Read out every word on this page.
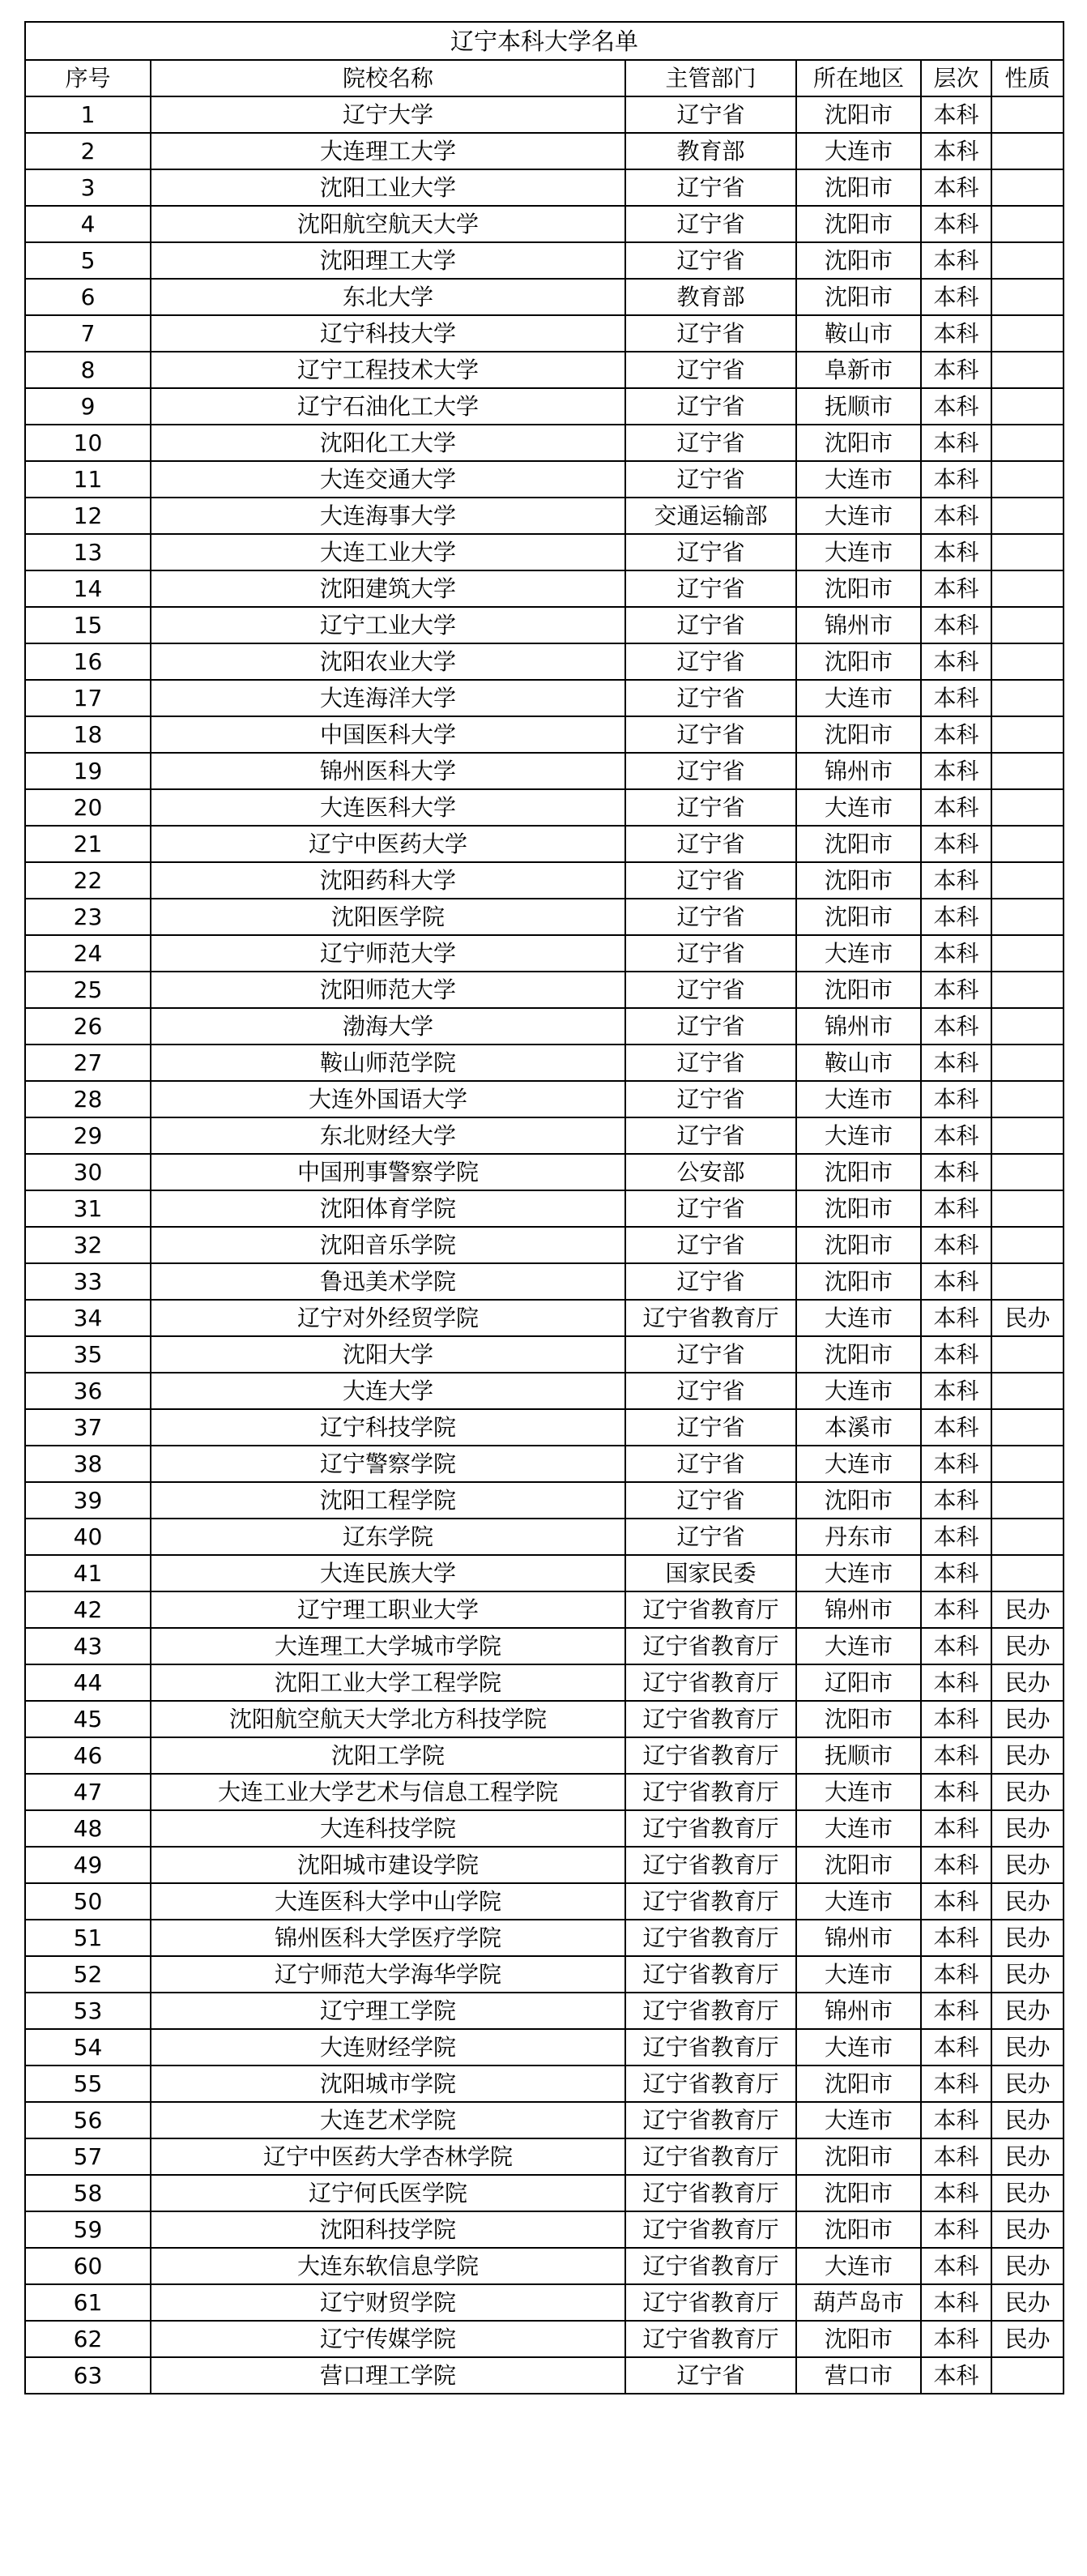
辽宁本科大学名单					
序号	院校名称	主管部门	所在地区	层次	性质
1	辽宁大学	辽宁省	沈阳市	本科	
2	大连理工大学	教育部	大连市	本科	
3	沈阳工业大学	辽宁省	沈阳市	本科	
4	沈阳航空航天大学	辽宁省	沈阳市	本科	
5	沈阳理工大学	辽宁省	沈阳市	本科	
6	东北大学	教育部	沈阳市	本科	
7	辽宁科技大学	辽宁省	鞍山市	本科	
8	辽宁工程技术大学	辽宁省	阜新市	本科	
9	辽宁石油化工大学	辽宁省	抚顺市	本科	
10	沈阳化工大学	辽宁省	沈阳市	本科	
11	大连交通大学	辽宁省	大连市	本科	
12	大连海事大学	交通运输部	大连市	本科	
13	大连工业大学	辽宁省	大连市	本科	
14	沈阳建筑大学	辽宁省	沈阳市	本科	
15	辽宁工业大学	辽宁省	锦州市	本科	
16	沈阳农业大学	辽宁省	沈阳市	本科	
17	大连海洋大学	辽宁省	大连市	本科	
18	中国医科大学	辽宁省	沈阳市	本科	
19	锦州医科大学	辽宁省	锦州市	本科	
20	大连医科大学	辽宁省	大连市	本科	
21	辽宁中医药大学	辽宁省	沈阳市	本科	
22	沈阳药科大学	辽宁省	沈阳市	本科	
23	沈阳医学院	辽宁省	沈阳市	本科	
24	辽宁师范大学	辽宁省	大连市	本科	
25	沈阳师范大学	辽宁省	沈阳市	本科	
26	渤海大学	辽宁省	锦州市	本科	
27	鞍山师范学院	辽宁省	鞍山市	本科	
28	大连外国语大学	辽宁省	大连市	本科	
29	东北财经大学	辽宁省	大连市	本科	
30	中国刑事警察学院	公安部	沈阳市	本科	
31	沈阳体育学院	辽宁省	沈阳市	本科	
32	沈阳音乐学院	辽宁省	沈阳市	本科	
33	鲁迅美术学院	辽宁省	沈阳市	本科	
34	辽宁对外经贸学院	辽宁省教育厅	大连市	本科	民办
35	沈阳大学	辽宁省	沈阳市	本科	
36	大连大学	辽宁省	大连市	本科	
37	辽宁科技学院	辽宁省	本溪市	本科	
38	辽宁警察学院	辽宁省	大连市	本科	
39	沈阳工程学院	辽宁省	沈阳市	本科	
40	辽东学院	辽宁省	丹东市	本科	
41	大连民族大学	国家民委	大连市	本科	
42	辽宁理工职业大学	辽宁省教育厅	锦州市	本科	民办
43	大连理工大学城市学院	辽宁省教育厅	大连市	本科	民办
44	沈阳工业大学工程学院	辽宁省教育厅	辽阳市	本科	民办
45	沈阳航空航天大学北方科技学院	辽宁省教育厅	沈阳市	本科	民办
46	沈阳工学院	辽宁省教育厅	抚顺市	本科	民办
47	大连工业大学艺术与信息工程学院	辽宁省教育厅	大连市	本科	民办
48	大连科技学院	辽宁省教育厅	大连市	本科	民办
49	沈阳城市建设学院	辽宁省教育厅	沈阳市	本科	民办
50	大连医科大学中山学院	辽宁省教育厅	大连市	本科	民办
51	锦州医科大学医疗学院	辽宁省教育厅	锦州市	本科	民办
52	辽宁师范大学海华学院	辽宁省教育厅	大连市	本科	民办
53	辽宁理工学院	辽宁省教育厅	锦州市	本科	民办
54	大连财经学院	辽宁省教育厅	大连市	本科	民办
55	沈阳城市学院	辽宁省教育厅	沈阳市	本科	民办
56	大连艺术学院	辽宁省教育厅	大连市	本科	民办
57	辽宁中医药大学杏林学院	辽宁省教育厅	沈阳市	本科	民办
58	辽宁何氏医学院	辽宁省教育厅	沈阳市	本科	民办
59	沈阳科技学院	辽宁省教育厅	沈阳市	本科	民办
60	大连东软信息学院	辽宁省教育厅	大连市	本科	民办
61	辽宁财贸学院	辽宁省教育厅	葫芦岛市	本科	民办
62	辽宁传媒学院	辽宁省教育厅	沈阳市	本科	民办
63	营口理工学院	辽宁省	营口市	本科	
